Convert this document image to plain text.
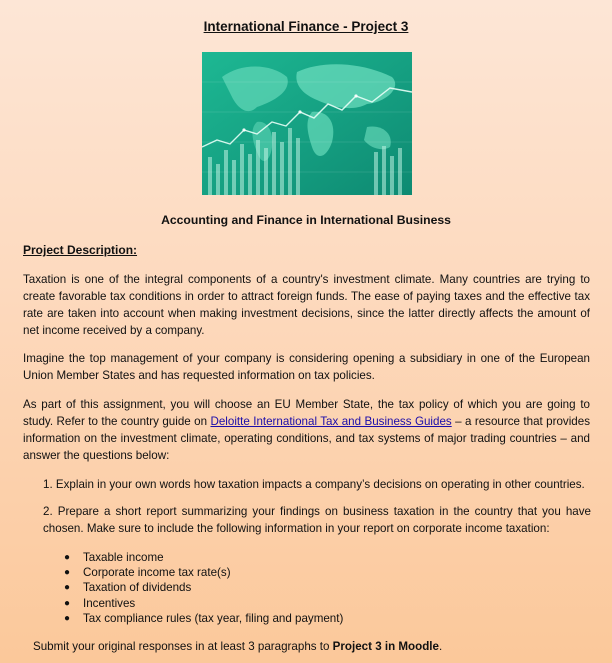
International Finance - Project 3
Accounting and Finance in International Business
Project Description:

Taxation is one of the integral components of a country's investment climate. Many countries are trying to create favorable tax conditions in order to attract foreign funds. The ease of paying taxes and the effective tax rate are taken into account when making investment decisions, since the latter directly affects the amount of net income received by a company.

Imagine the top management of your company is considering opening a subsidiary in one of the European Union Member States and has requested information on tax policies.

As part of this assignment, you will choose an EU Member State, the tax policy of which you are going to study. Refer to the country guide on Deloitte International Tax and Business Guides – a resource that provides information on the investment climate, operating conditions, and tax systems of major trading countries – and answer the questions below:

1. Explain in your own words how taxation impacts a company’s decisions on operating in other countries.

2. Prepare a short report summarizing your findings on business taxation in the country that you have chosen. Make sure to include the following information in your report on corporate income taxation:

● Taxable income
● Corporate income tax rate(s)
● Taxation of dividends
● Incentives
● Tax compliance rules (tax year, filing and payment)
Submit your original responses in at least 3 paragraphs to Project 3 in Moodle.
